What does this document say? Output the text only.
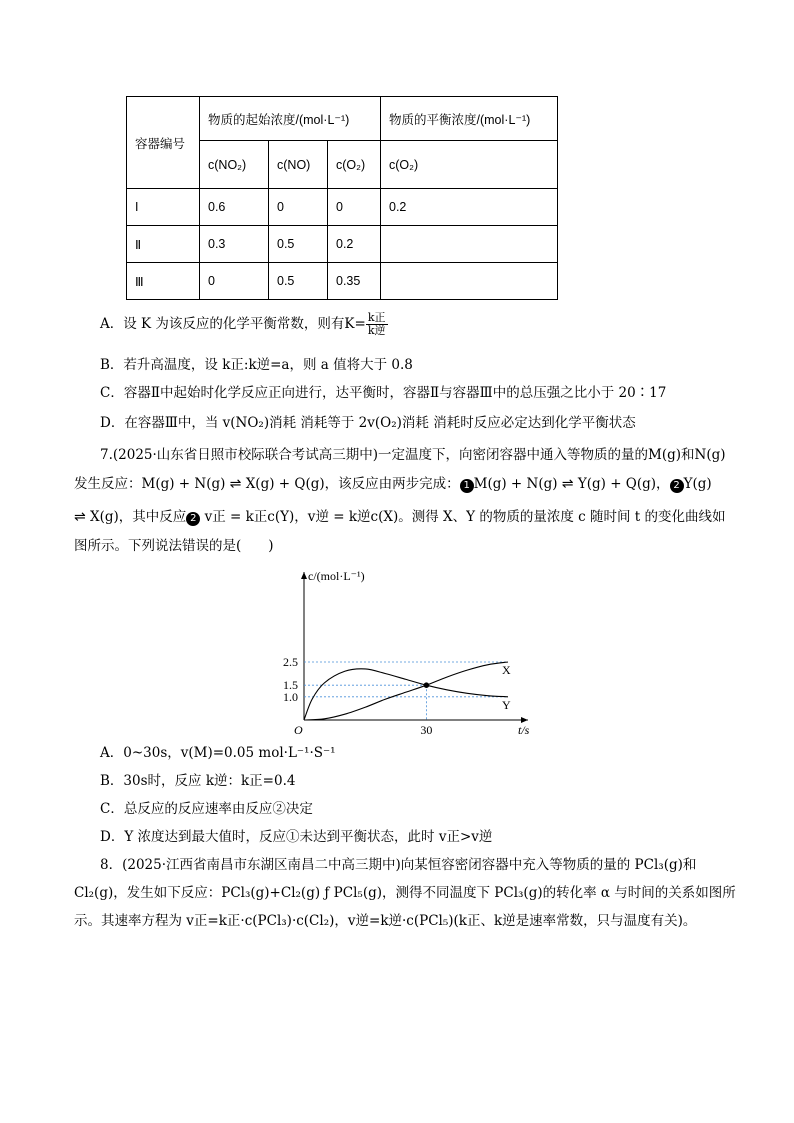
容器编号	物质的起始浓度/(mol·L⁻¹)			物质的平衡浓度/(mol·L⁻¹)
	c(NO₂)	c(NO)	c(O₂)	c(O₂)
I	0.6	0	0	0.2
Ⅱ	0.3	0.5	0.2	
Ⅲ	0	0.5	0.35	
A．设 K 为该反应的化学平衡常数，则有$K= \frac{\text{k正}}{\text{k逆}}$
B．若升高温度，设 k正:k逆=a，则 a 值将大于 0.8
C．容器Ⅱ中起始时化学反应正向进行，达平衡时，容器Ⅱ与容器Ⅲ中的总压强之比小于 20∶17
D．在容器Ⅲ中，当 v(NO₂)消耗 消耗等于 2v(O₂)消耗 消耗时反应必定达到化学平衡状态
7.(2025·山东省日照市校际联合考试高三期中)一定温度下，向密闭容器中通入等物质的量的M(g)和N(g)
发生反应：M(g) + N(g) ⇌ X(g) + Q(g)，该反应由两步完成： 1 M(g) + N(g) ⇌ Y(g) + Q(g)， 2 Y(g)
⇌ X(g)，其中反应 2 v正 = k正c(Y)，v逆 = k逆c(X)。测得 X、Y 的物质的量浓度 c 随时间 t 的变化曲线如
图所示。下列说法错误的是(　　)
2.5
1.5
1.0
30
X
Y
O
c/(mol·L⁻¹)
t/s
A．0~30s，v(M)=0.05 mol·L⁻¹·S⁻¹
B．30s时，反应 k逆：k正=0.4
C．总反应的反应速率由反应②决定
D．Y 浓度达到最大值时，反应①未达到平衡状态，此时 v正>v逆
8．(2025·江西省南昌市东湖区南昌二中高三期中)向某恒容密闭容器中充入等物质的量的 PCl₃(g)和
Cl₂(g)，发生如下反应：PCl₃(g)+Cl₂(g) ƒ PCl₅(g)，测得不同温度下 PCl₃(g)的转化率 α 与时间的关系如图所
示。其速率方程为 v正=k正·c(PCl₃)·c(Cl₂)，v逆=k逆·c(PCl₅)(k正、k逆是速率常数，只与温度有关)。
